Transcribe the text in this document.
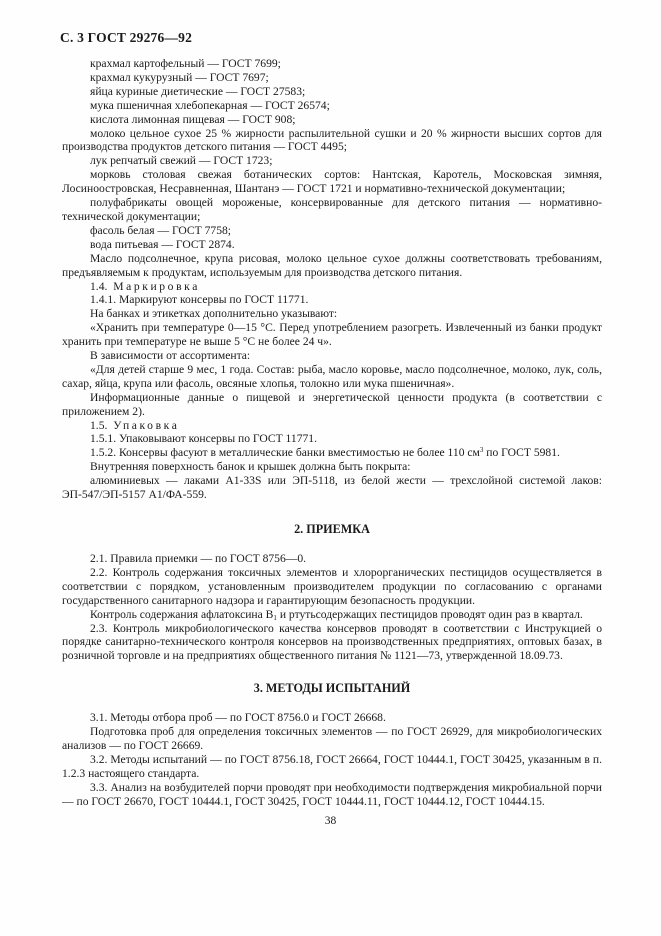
С. 3 ГОСТ 29276—92

крахмал картофельный — ГОСТ 7699;

крахмал кукурузный — ГОСТ 7697;

яйца куриные диетические — ГОСТ 27583;

мука пшеничная хлебопекарная — ГОСТ 26574;

кислота лимонная пищевая — ГОСТ 908;

молоко цельное сухое 25 % жирности распылительной сушки и 20 % жирности высших сортов для производства продуктов детского питания — ГОСТ 4495;

лук репчатый свежий — ГОСТ 1723;

морковь столовая свежая ботанических сортов: Нантская, Каротель, Московская зимняя, Лосиноостровская, Несравненная, Шантанэ — ГОСТ 1721 и нормативно-технической документации;

полуфабрикаты овощей мороженые, консервированные для детского питания — нормативно-технической документации;

фасоль белая — ГОСТ 7758;

вода питьевая — ГОСТ 2874.

Масло подсолнечное, крупа рисовая, молоко цельное сухое должны соответствовать требованиям, предъявляемым к продуктам, используемым для производства детского питания.

1.4. Маркировка

1.4.1. Маркируют консервы по ГОСТ 11771.

На банках и этикетках дополнительно указывают:

«Хранить при температуре 0—15 °С. Перед употреблением разогреть. Извлеченный из банки продукт хранить при температуре не выше 5 °С не более 24 ч».

В зависимости от ассортимента:

«Для детей старше 9 мес, 1 года. Состав: рыба, масло коровье, масло подсолнечное, молоко, лук, соль, сахар, яйца, крупа или фасоль, овсяные хлопья, толокно или мука пшеничная».

Информационные данные о пищевой и энергетической ценности продукта (в соответствии с приложением 2).

1.5. Упаковка

1.5.1. Упаковывают консервы по ГОСТ 11771.

1.5.2. Консервы фасуют в металлические банки вместимостью не более 110 $см^3$ по ГОСТ 5981.

Внутренняя поверхность банок и крышек должна быть покрыта:

алюминиевых — лаками А1-33S или ЭП-5118, из белой жести — трехслойной системой лаков: ЭП-547/ЭП-5157 А1/ФА-559.

2. ПРИЕМКА

2.1. Правила приемки — по ГОСТ 8756—0.

2.2. Контроль содержания токсичных элементов и хлорорганических пестицидов осуществляется в соответствии с порядком, установленным производителем продукции по согласованию с органами государственного санитарного надзора и гарантирующим безопасность продукции.

Контроль содержания афлатоксина $В_1$ и ртутьсодержащих пестицидов проводят один раз в квартал.

2.3. Контроль микробиологического качества консервов проводят в соответствии с Инструкцией о порядке санитарно-технического контроля консервов на производственных предприятиях, оптовых базах, в розничной торговле и на предприятиях общественного питания № 1121—73, утвержденной 18.09.73.

3. МЕТОДЫ ИСПЫТАНИЙ

3.1. Методы отбора проб — по ГОСТ 8756.0 и ГОСТ 26668.

Подготовка проб для определения токсичных элементов — по ГОСТ 26929, для микробиологических анализов — по ГОСТ 26669.

3.2. Методы испытаний — по ГОСТ 8756.18, ГОСТ 26664, ГОСТ 10444.1, ГОСТ 30425, указанным в п. 1.2.3 настоящего стандарта.

3.3. Анализ на возбудителей порчи проводят при необходимости подтверждения микробиальной порчи — по ГОСТ 26670, ГОСТ 10444.1, ГОСТ 30425, ГОСТ 10444.11, ГОСТ 10444.12, ГОСТ 10444.15.

38
